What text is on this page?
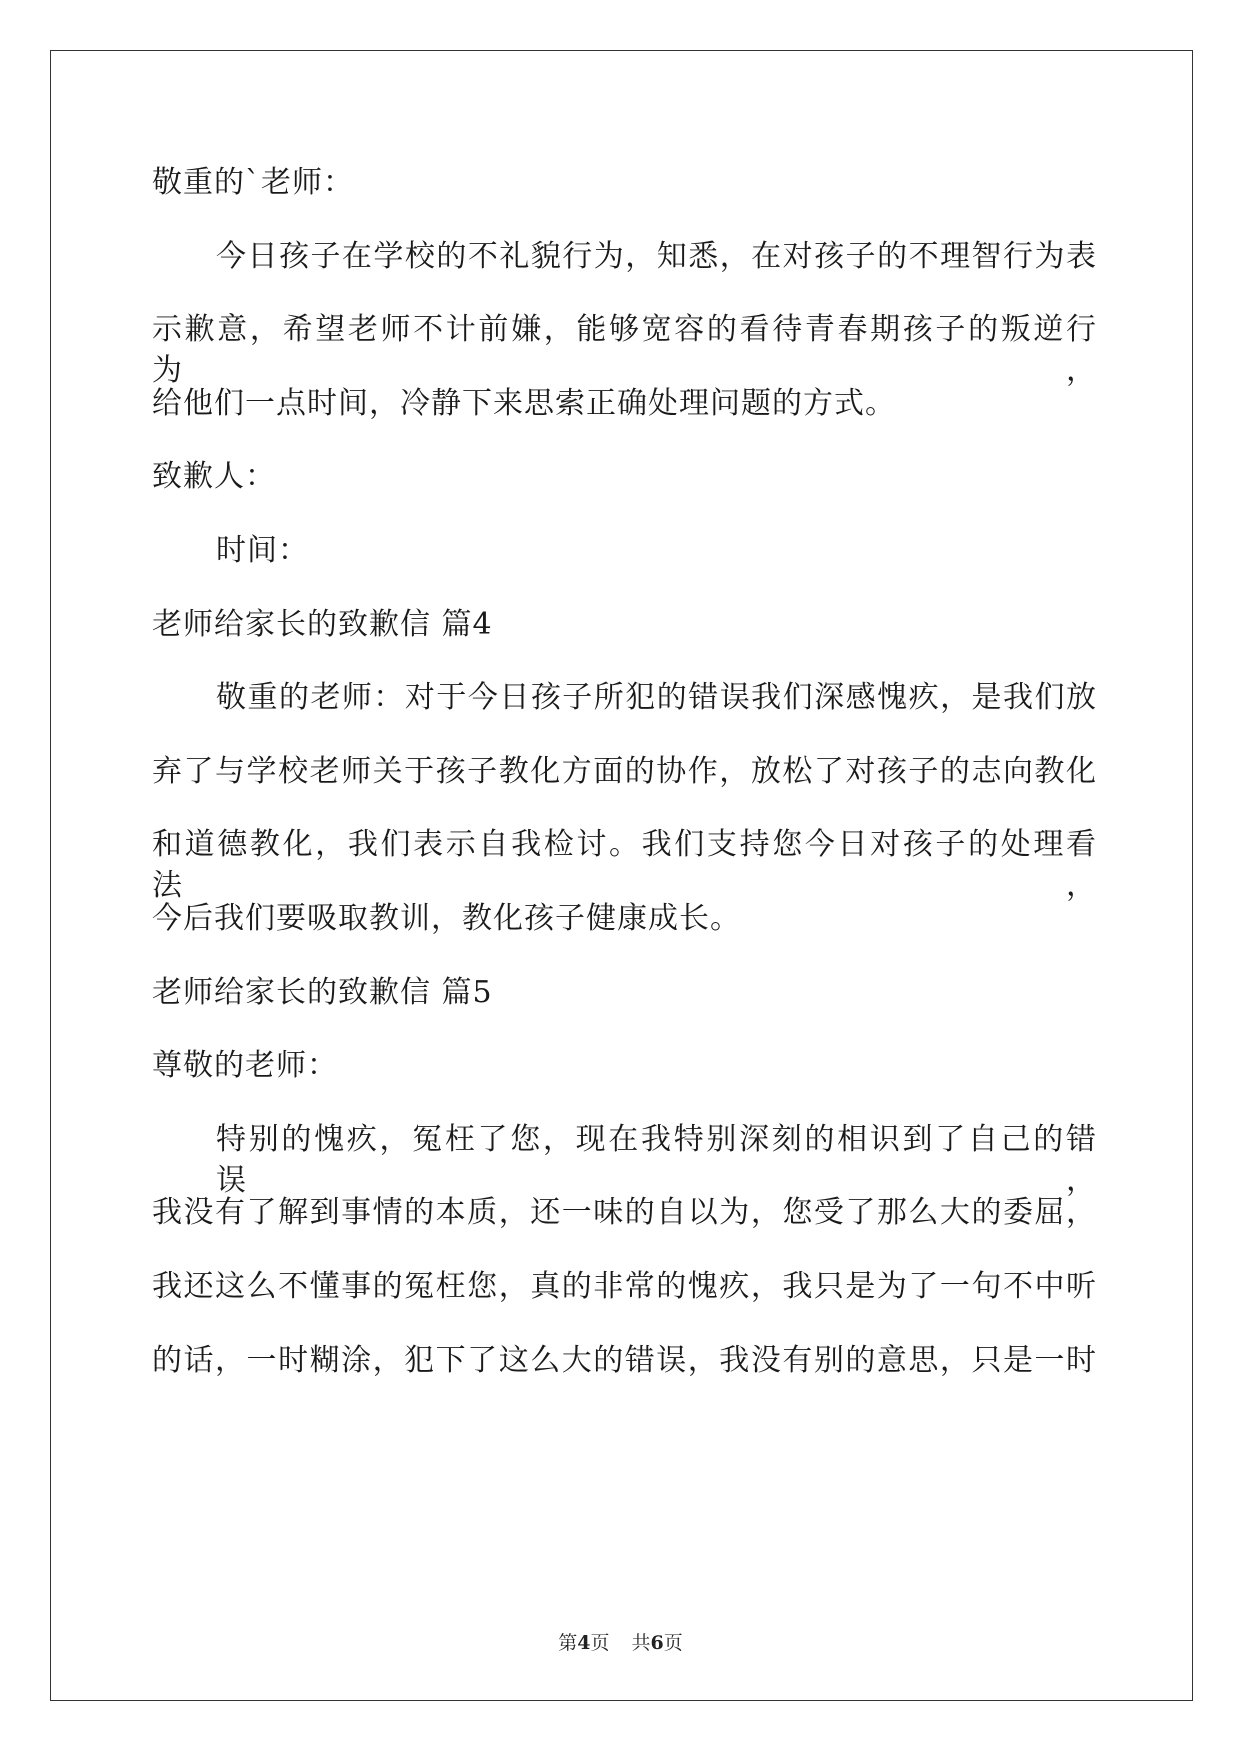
敬重的`老师：
今日孩子在学校的不礼貌行为，知悉，在对孩子的不理智行为表
示歉意，希望老师不计前嫌，能够宽容的看待青春期孩子的叛逆行为，
给他们一点时间，冷静下来思索正确处理问题的方式。
致歉人：
时间：
老师给家长的致歉信 篇4
敬重的老师：对于今日孩子所犯的错误我们深感愧疚，是我们放
弃了与学校老师关于孩子教化方面的协作，放松了对孩子的志向教化
和道德教化，我们表示自我检讨。我们支持您今日对孩子的处理看法，
今后我们要吸取教训，教化孩子健康成长。
老师给家长的致歉信 篇5
尊敬的老师：
特别的愧疚，冤枉了您，现在我特别深刻的相识到了自己的错误，
我没有了解到事情的本质，还一味的自以为，您受了那么大的委屈，
我还这么不懂事的冤枉您，真的非常的愧疚，我只是为了一句不中听
的话，一时糊涂，犯下了这么大的错误，我没有别的意思，只是一时
第4页 共6页
